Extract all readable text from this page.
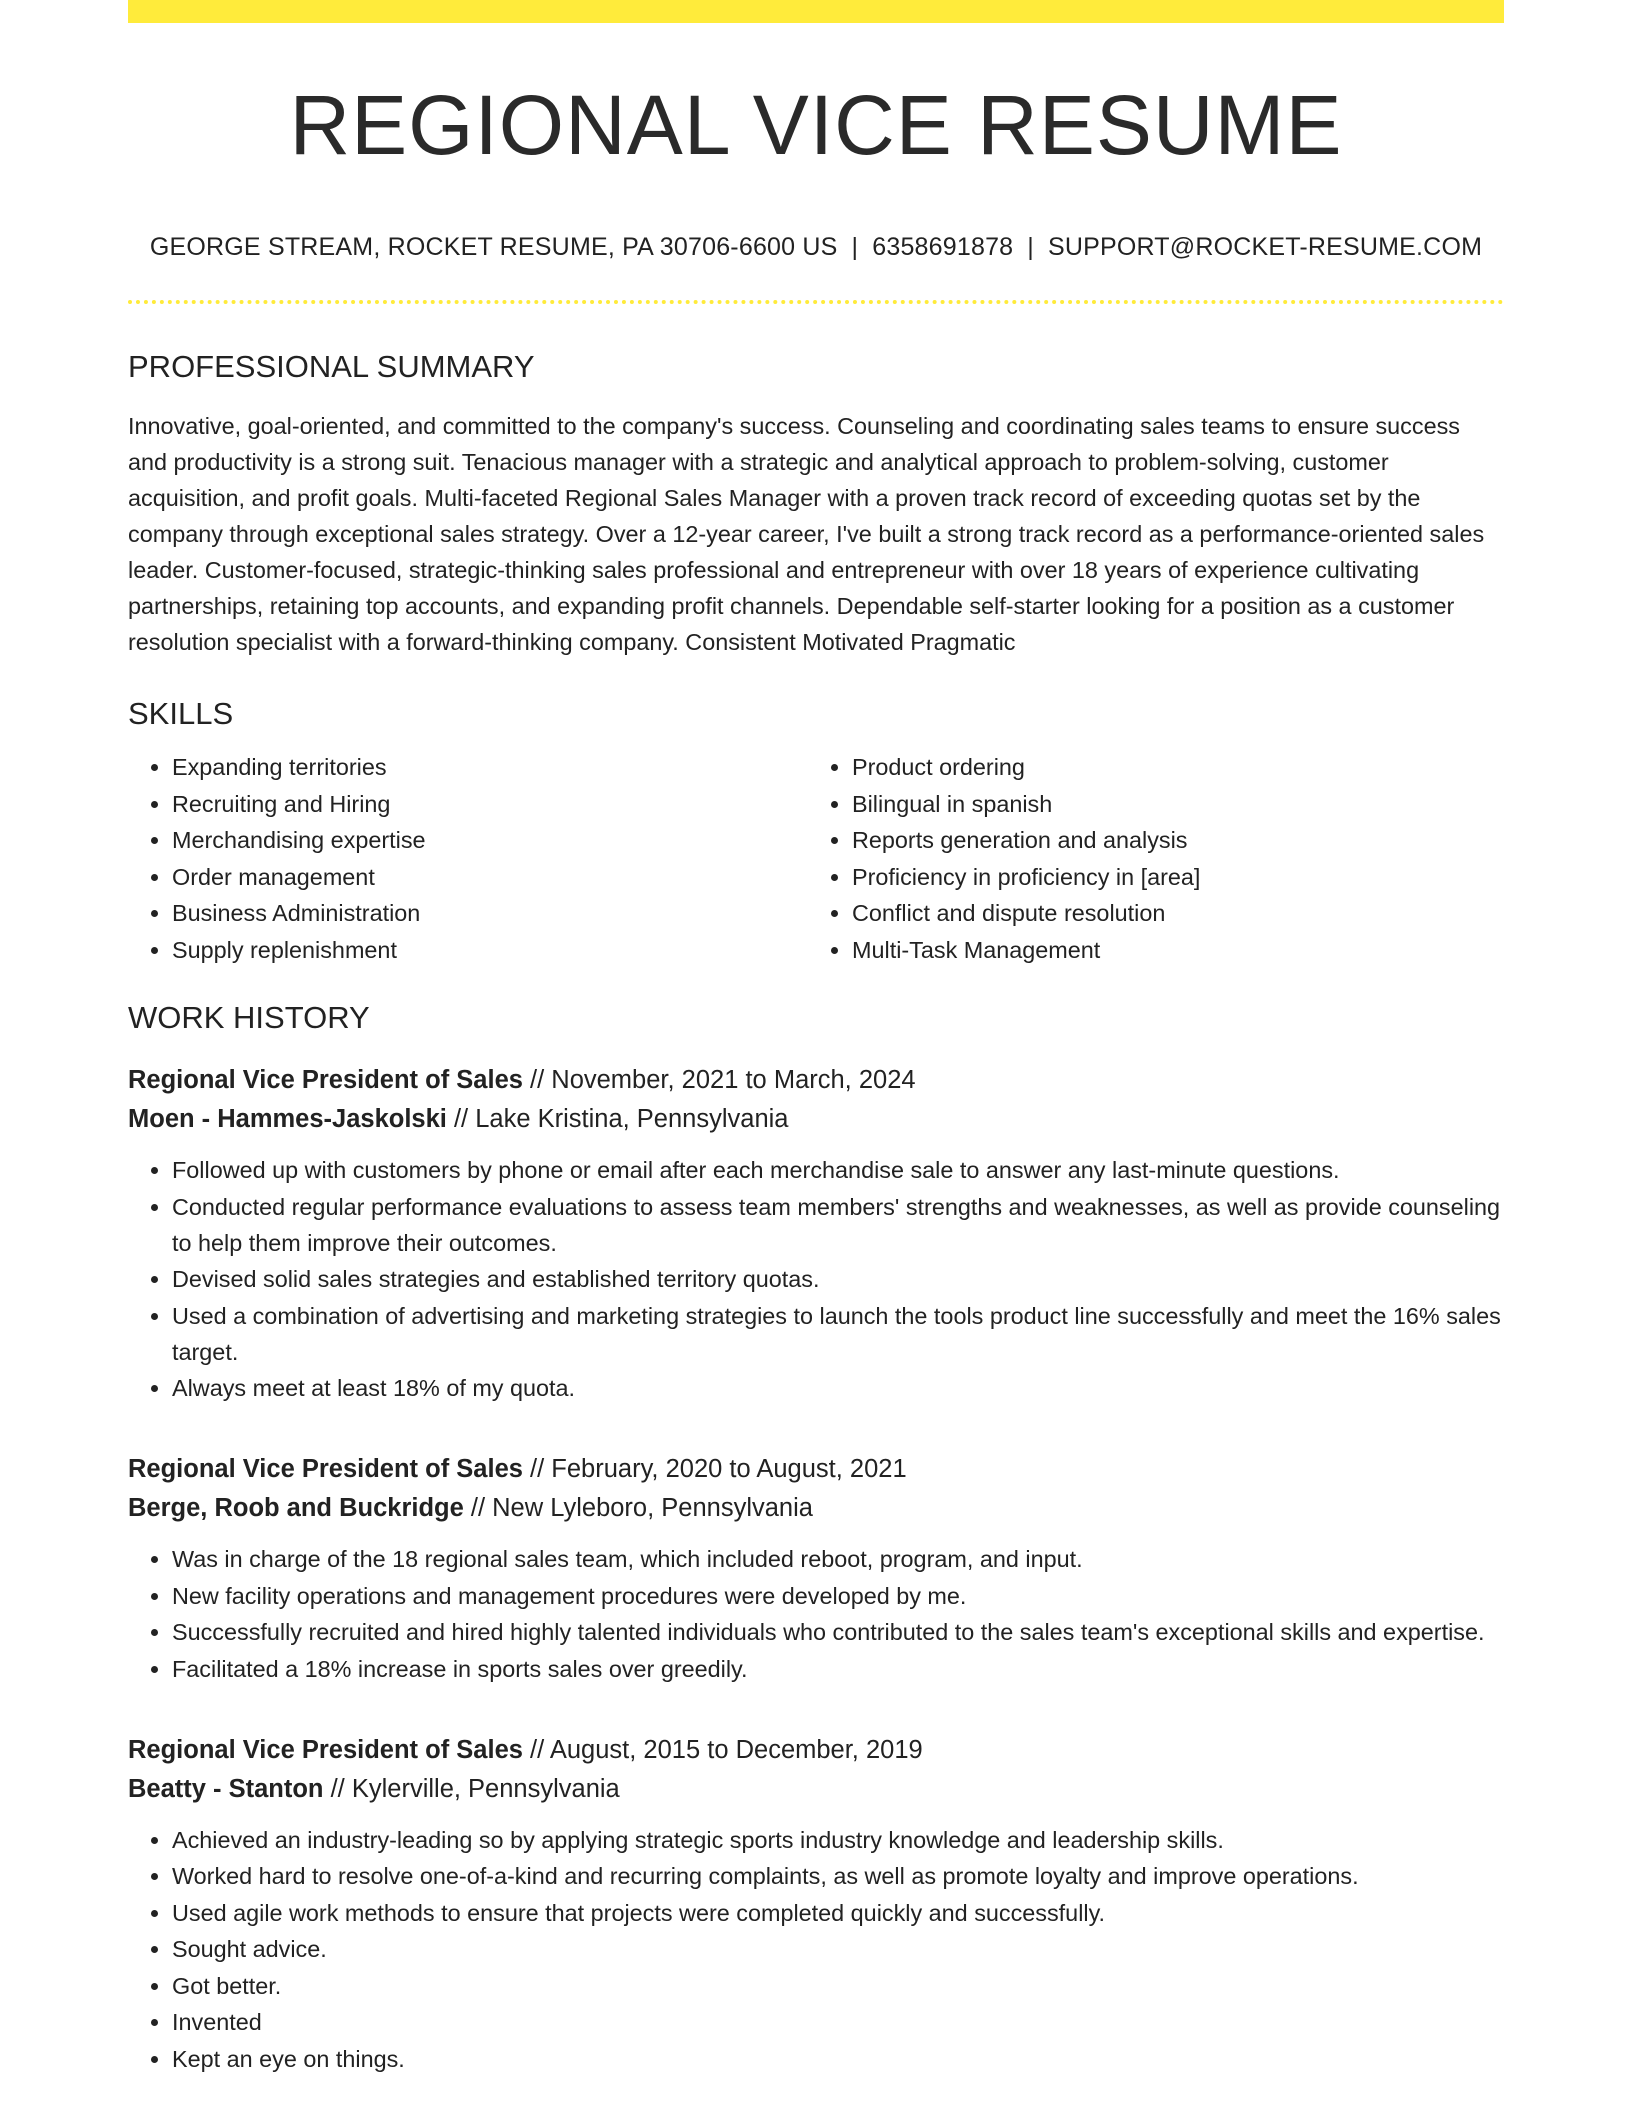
REGIONAL VICE RESUME
GEORGE STREAM, ROCKET RESUME, PA 30706-6600 US | 6358691878 | SUPPORT@ROCKET-RESUME.COM
PROFESSIONAL SUMMARY

Innovative, goal-oriented, and committed to the company's success. Counseling and coordinating sales teams to ensure success and productivity is a strong suit. Tenacious manager with a strategic and analytical approach to problem-solving, customer acquisition, and profit goals. Multi-faceted Regional Sales Manager with a proven track record of exceeding quotas set by the company through exceptional sales strategy. Over a 12-year career, I've built a strong track record as a performance-oriented sales leader. Customer-focused, strategic-thinking sales professional and entrepreneur with over 18 years of experience cultivating partnerships, retaining top accounts, and expanding profit channels. Dependable self-starter looking for a position as a customer resolution specialist with a forward-thinking company. Consistent Motivated Pragmatic

SKILLS
• Expanding territories
• Recruiting and Hiring
• Merchandising expertise
• Order management
• Business Administration
• Supply replenishment
• Product ordering
• Bilingual in spanish
• Reports generation and analysis
• Proficiency in proficiency in [area]
• Conflict and dispute resolution
• Multi-Task Management
WORK HISTORY
Regional Vice President of Sales // November, 2021 to March, 2024
Moen - Hammes-Jaskolski // Lake Kristina, Pennsylvania
• Followed up with customers by phone or email after each merchandise sale to answer any last-minute questions.
• Conducted regular performance evaluations to assess team members' strengths and weaknesses, as well as provide counseling to help them improve their outcomes.
• Devised solid sales strategies and established territory quotas.
• Used a combination of advertising and marketing strategies to launch the tools product line successfully and meet the 16% sales target.
• Always meet at least 18% of my quota.
Regional Vice President of Sales // February, 2020 to August, 2021
Berge, Roob and Buckridge // New Lyleboro, Pennsylvania
• Was in charge of the 18 regional sales team, which included reboot, program, and input.
• New facility operations and management procedures were developed by me.
• Successfully recruited and hired highly talented individuals who contributed to the sales team's exceptional skills and expertise.
• Facilitated a 18% increase in sports sales over greedily.
Regional Vice President of Sales // August, 2015 to December, 2019
Beatty - Stanton // Kylerville, Pennsylvania
• Achieved an industry-leading so by applying strategic sports industry knowledge and leadership skills.
• Worked hard to resolve one-of-a-kind and recurring complaints, as well as promote loyalty and improve operations.
• Used agile work methods to ensure that projects were completed quickly and successfully.
• Sought advice.
• Got better.
• Invented
• Kept an eye on things.
